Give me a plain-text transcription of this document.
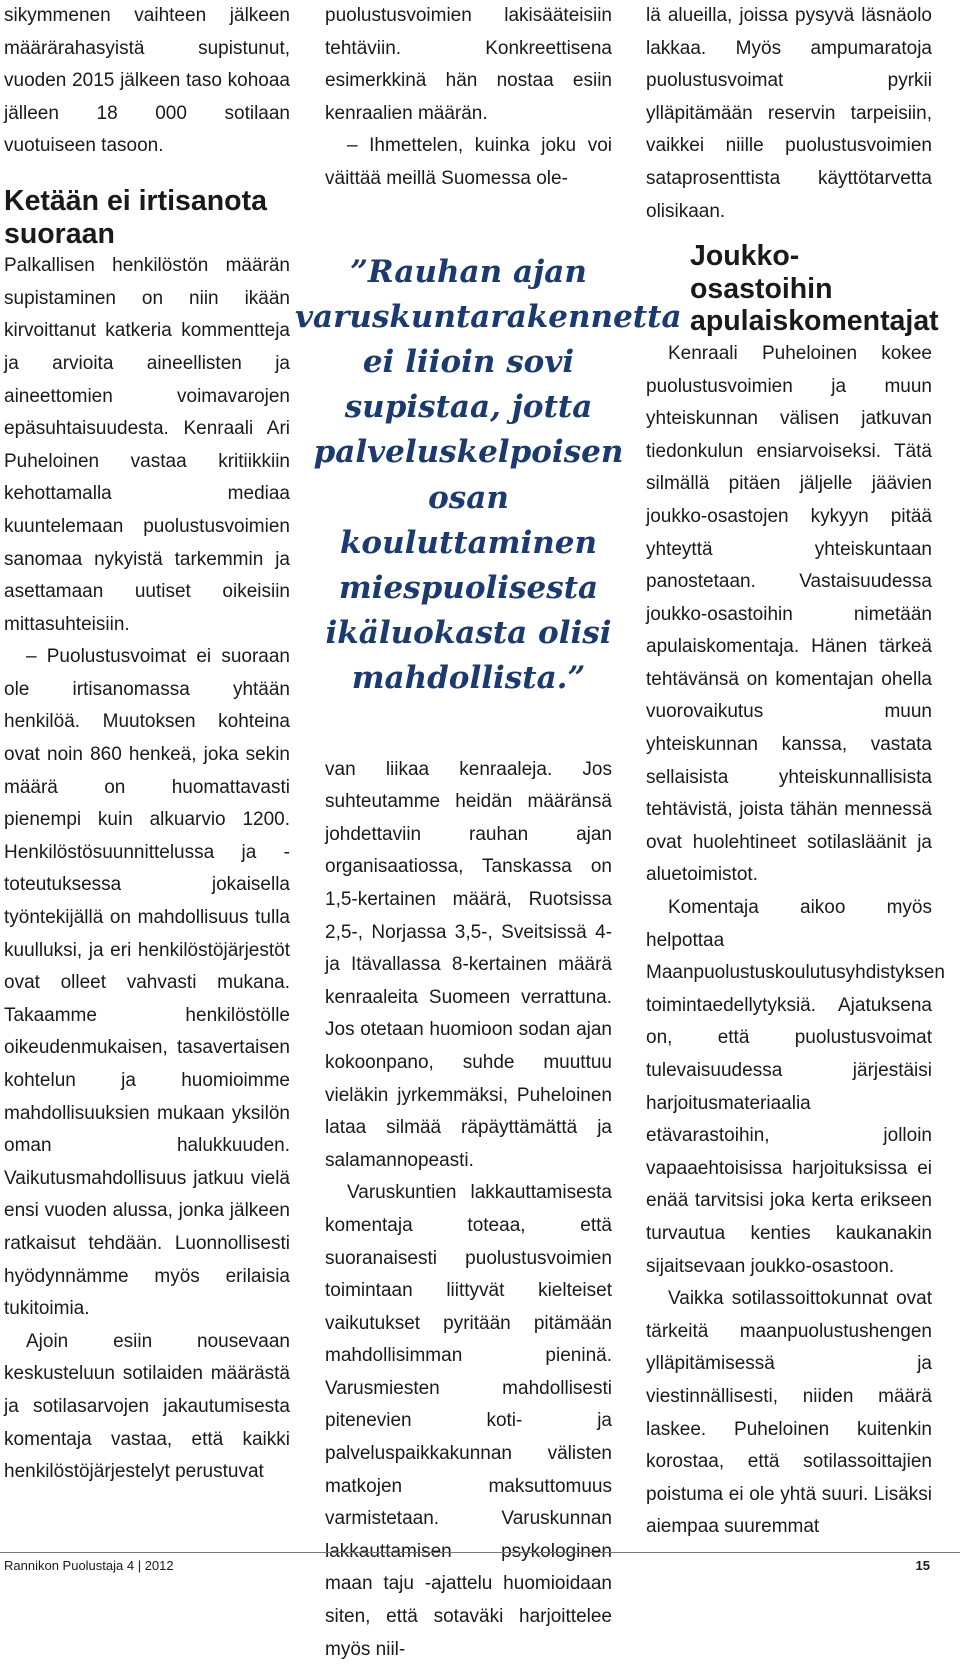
sikymmenen vaihteen jälkeen määrärahasyistä supistunut, vuoden 2015 jälkeen taso kohoaa jälleen 18 000 sotilaan vuotuiseen tasoon.

Ketään ei irtisanota suoraan

Palkallisen henkilöstön määrän supistaminen on niin ikään kirvoittanut katkeria kommentteja ja arvioita aineellisten ja aineettomien voimavarojen epäsuhtaisuudesta. Kenraali Ari Puheloinen vastaa kritiikkiin kehottamalla mediaa kuuntelemaan puolustusvoimien sanomaa nykyistä tarkemmin ja asettamaan uutiset oikeisiin mittasuhteisiin.

– Puolustusvoimat ei suoraan ole irtisanomassa yhtään henkilöä. Muutoksen kohteina ovat noin 860 henkeä, joka sekin määrä on huomattavasti pienempi kuin alkuarvio 1200. Henkilöstösuunnittelussa ja -toteutuksessa jokaisella työntekijällä on mahdollisuus tulla kuulluksi, ja eri henkilöstöjärjestöt ovat olleet vahvasti mukana. Takaamme henkilöstölle oikeudenmukaisen, tasavertaisen kohtelun ja huomioimme mahdollisuuksien mukaan yksilön oman halukkuuden. Vaikutusmahdollisuus jatkuu vielä ensi vuoden alussa, jonka jälkeen ratkaisut tehdään. Luonnollisesti hyödynnämme myös erilaisia tukitoimia.

Ajoin esiin nousevaan keskusteluun sotilaiden määrästä ja sotilasarvojen jakautumisesta komentaja vastaa, että kaikki henkilöstöjärjestelyt perustuvat

puolustusvoimien lakisääteisiin tehtäviin. Konkreettisena esimerkkinä hän nostaa esiin kenraalien määrän.

– Ihmettelen, kuinka joku voi väittää meillä Suomessa ole-

”Rauhan ajan varuskuntarakennetta ei liioin sovi supistaa, jotta palveluskelpoisen osan kouluttaminen miespuolisesta ikäluokasta olisi mahdollista.”

van liikaa kenraaleja. Jos suhteutamme heidän määränsä johdettaviin rauhan ajan organisaatiossa, Tanskassa on 1,5-kertainen määrä, Ruotsissa 2,5-, Norjassa 3,5-, Sveitsissä 4- ja Itävallassa 8-kertainen määrä kenraaleita Suomeen verrattuna. Jos otetaan huomioon sodan ajan kokoonpano, suhde muuttuu vieläkin jyrkemmäksi, Puheloinen lataa silmää räpäyttämättä ja salamannopeasti.

Varuskuntien lakkauttamisesta komentaja toteaa, että suoranaisesti puolustusvoimien toimintaan liittyvät kielteiset vaikutukset pyritään pitämään mahdollisimman pieninä. Varusmiesten mahdollisesti pitenevien koti- ja palveluspaikkakunnan välisten matkojen maksuttomuus varmistetaan. Varuskunnan lakkauttamisen psykologinen maan taju -ajattelu huomioidaan siten, että sotaväki harjoittelee myös niil-

lä alueilla, joissa pysyvä läsnäolo lakkaa. Myös ampumaratoja puolustusvoimat pyrkii ylläpitämään reservin tarpeisiin, vaikkei niille puolustusvoimien sataprosenttista käyttötarvetta olisikaan.

Joukko-osastoihin apulaiskomentajat

Kenraali Puheloinen kokee puolustusvoimien ja muun yhteiskunnan välisen jatkuvan tiedonkulun ensiarvoiseksi. Tätä silmällä pitäen jäljelle jäävien joukko-osastojen kykyyn pitää yhteyttä yhteiskuntaan panostetaan. Vastaisuudessa joukko-osastoihin nimetään apulaiskomentaja. Hänen tärkeä tehtävänsä on komentajan ohella vuorovaikutus muun yhteiskunnan kanssa, vastata sellaisista yhteiskunnallisista tehtävistä, joista tähän mennessä ovat huolehtineet sotilasläänit ja aluetoimistot.

Komentaja aikoo myös helpottaa Maanpuolustuskoulutusyhdistyksen toimintaedellytyksiä. Ajatuksena on, että puolustusvoimat tulevaisuudessa järjestäisi harjoitusmateriaalia etävarastoihin, jolloin vapaaehtoisissa harjoituksissa ei enää tarvitsisi joka kerta erikseen turvautua kenties kaukanakin sijaitsevaan joukko-osastoon.

Vaikka sotilassoittokunnat ovat tärkeitä maanpuolustushengen ylläpitämisessä ja viestinnällisesti, niiden määrä laskee. Puheloinen kuitenkin korostaa, että sotilassoittajien poistuma ei ole yhtä suuri. Lisäksi aiempaa suuremmat

Rannikon Puolustaja 4 | 2012	15
